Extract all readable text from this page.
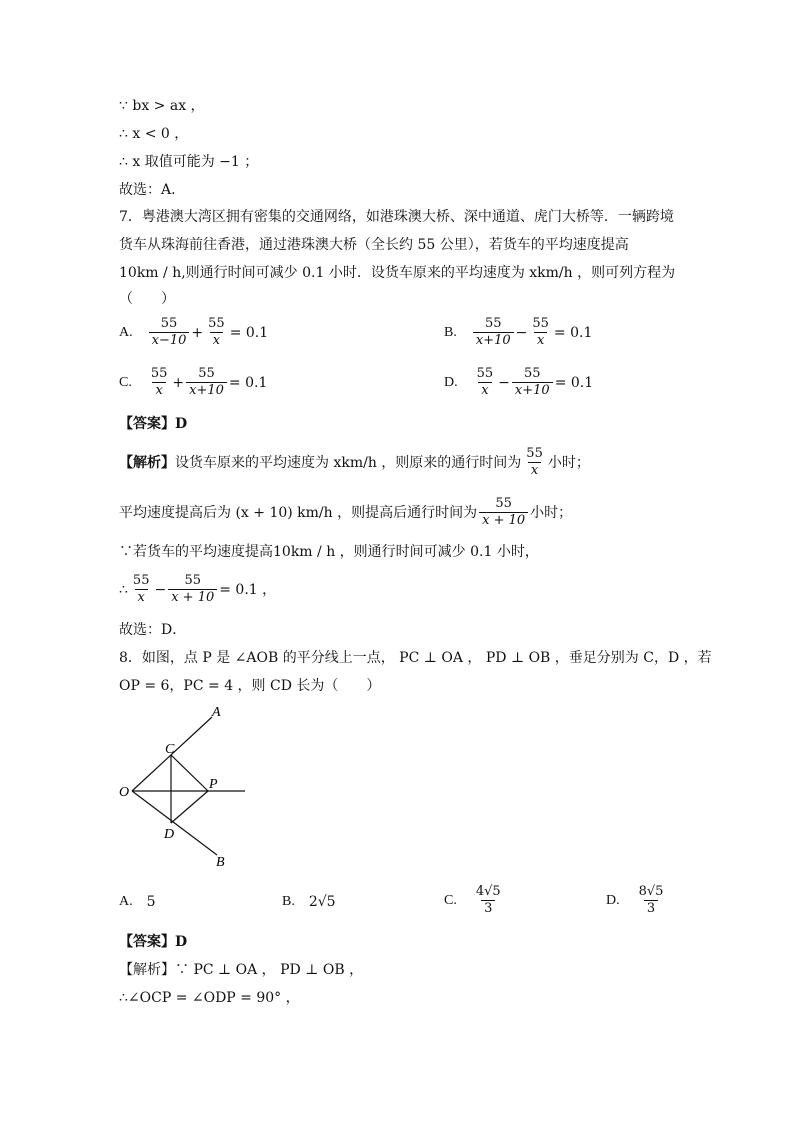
∵ bx > ax ，
∴ x < 0 ，
∴ x 取值可能为 −1 ；
故选：A．
7．粤港澳大湾区拥有密集的交通网络，如港珠澳大桥、深中通道、虎门大桥等．一辆跨境
货车从珠海前往香港，通过港珠澳大桥（全长约 55 公里），若货车的平均速度提高
10km / h,则通行时间可减少 0.1 小时．设货车原来的平均速度为 xkm/h ，则可列方程为
（　　）
A. $\frac{55}{x-10} + \frac{55}{x} = 0.1$	B. $\frac{55}{x+10} - \frac{55}{x} = 0.1$
C. $\frac{55}{x} + \frac{55}{x+10} = 0.1$	D. $\frac{55}{x} - \frac{55}{x+10} = 0.1$
【答案】D
【解析】 设货车原来的平均速度为 xkm/h ，则原来的通行时间为 $\frac{55}{x}$ 小时；
平均速度提高后为 (x + 10) km/h ，则提高后通行时间为 $\frac{55}{x + 10}$ 小时；
∵若货车的平均速度提高10km / h ，则通行时间可减少 0.1 小时，
∴ $\frac{55}{x} - \frac{55}{x + 10} = 0.1$ ，
故选：D．
8．如图，点 P 是 ∠AOB 的平分线上一点， PC ⊥ OA ， PD ⊥ OB ，垂足分别为 C，D ，若
OP = 6，PC = 4 ，则 CD 长为（　　）
A
B
C
D
O
P
A. 5	B. 2√5	C. $\frac{4√5}{3}$	D. $\frac{8√5}{3}$
【答案】D
【解析】∵ PC ⊥ OA ， PD ⊥ OB ，
∴∠OCP = ∠ODP = 90° ，
